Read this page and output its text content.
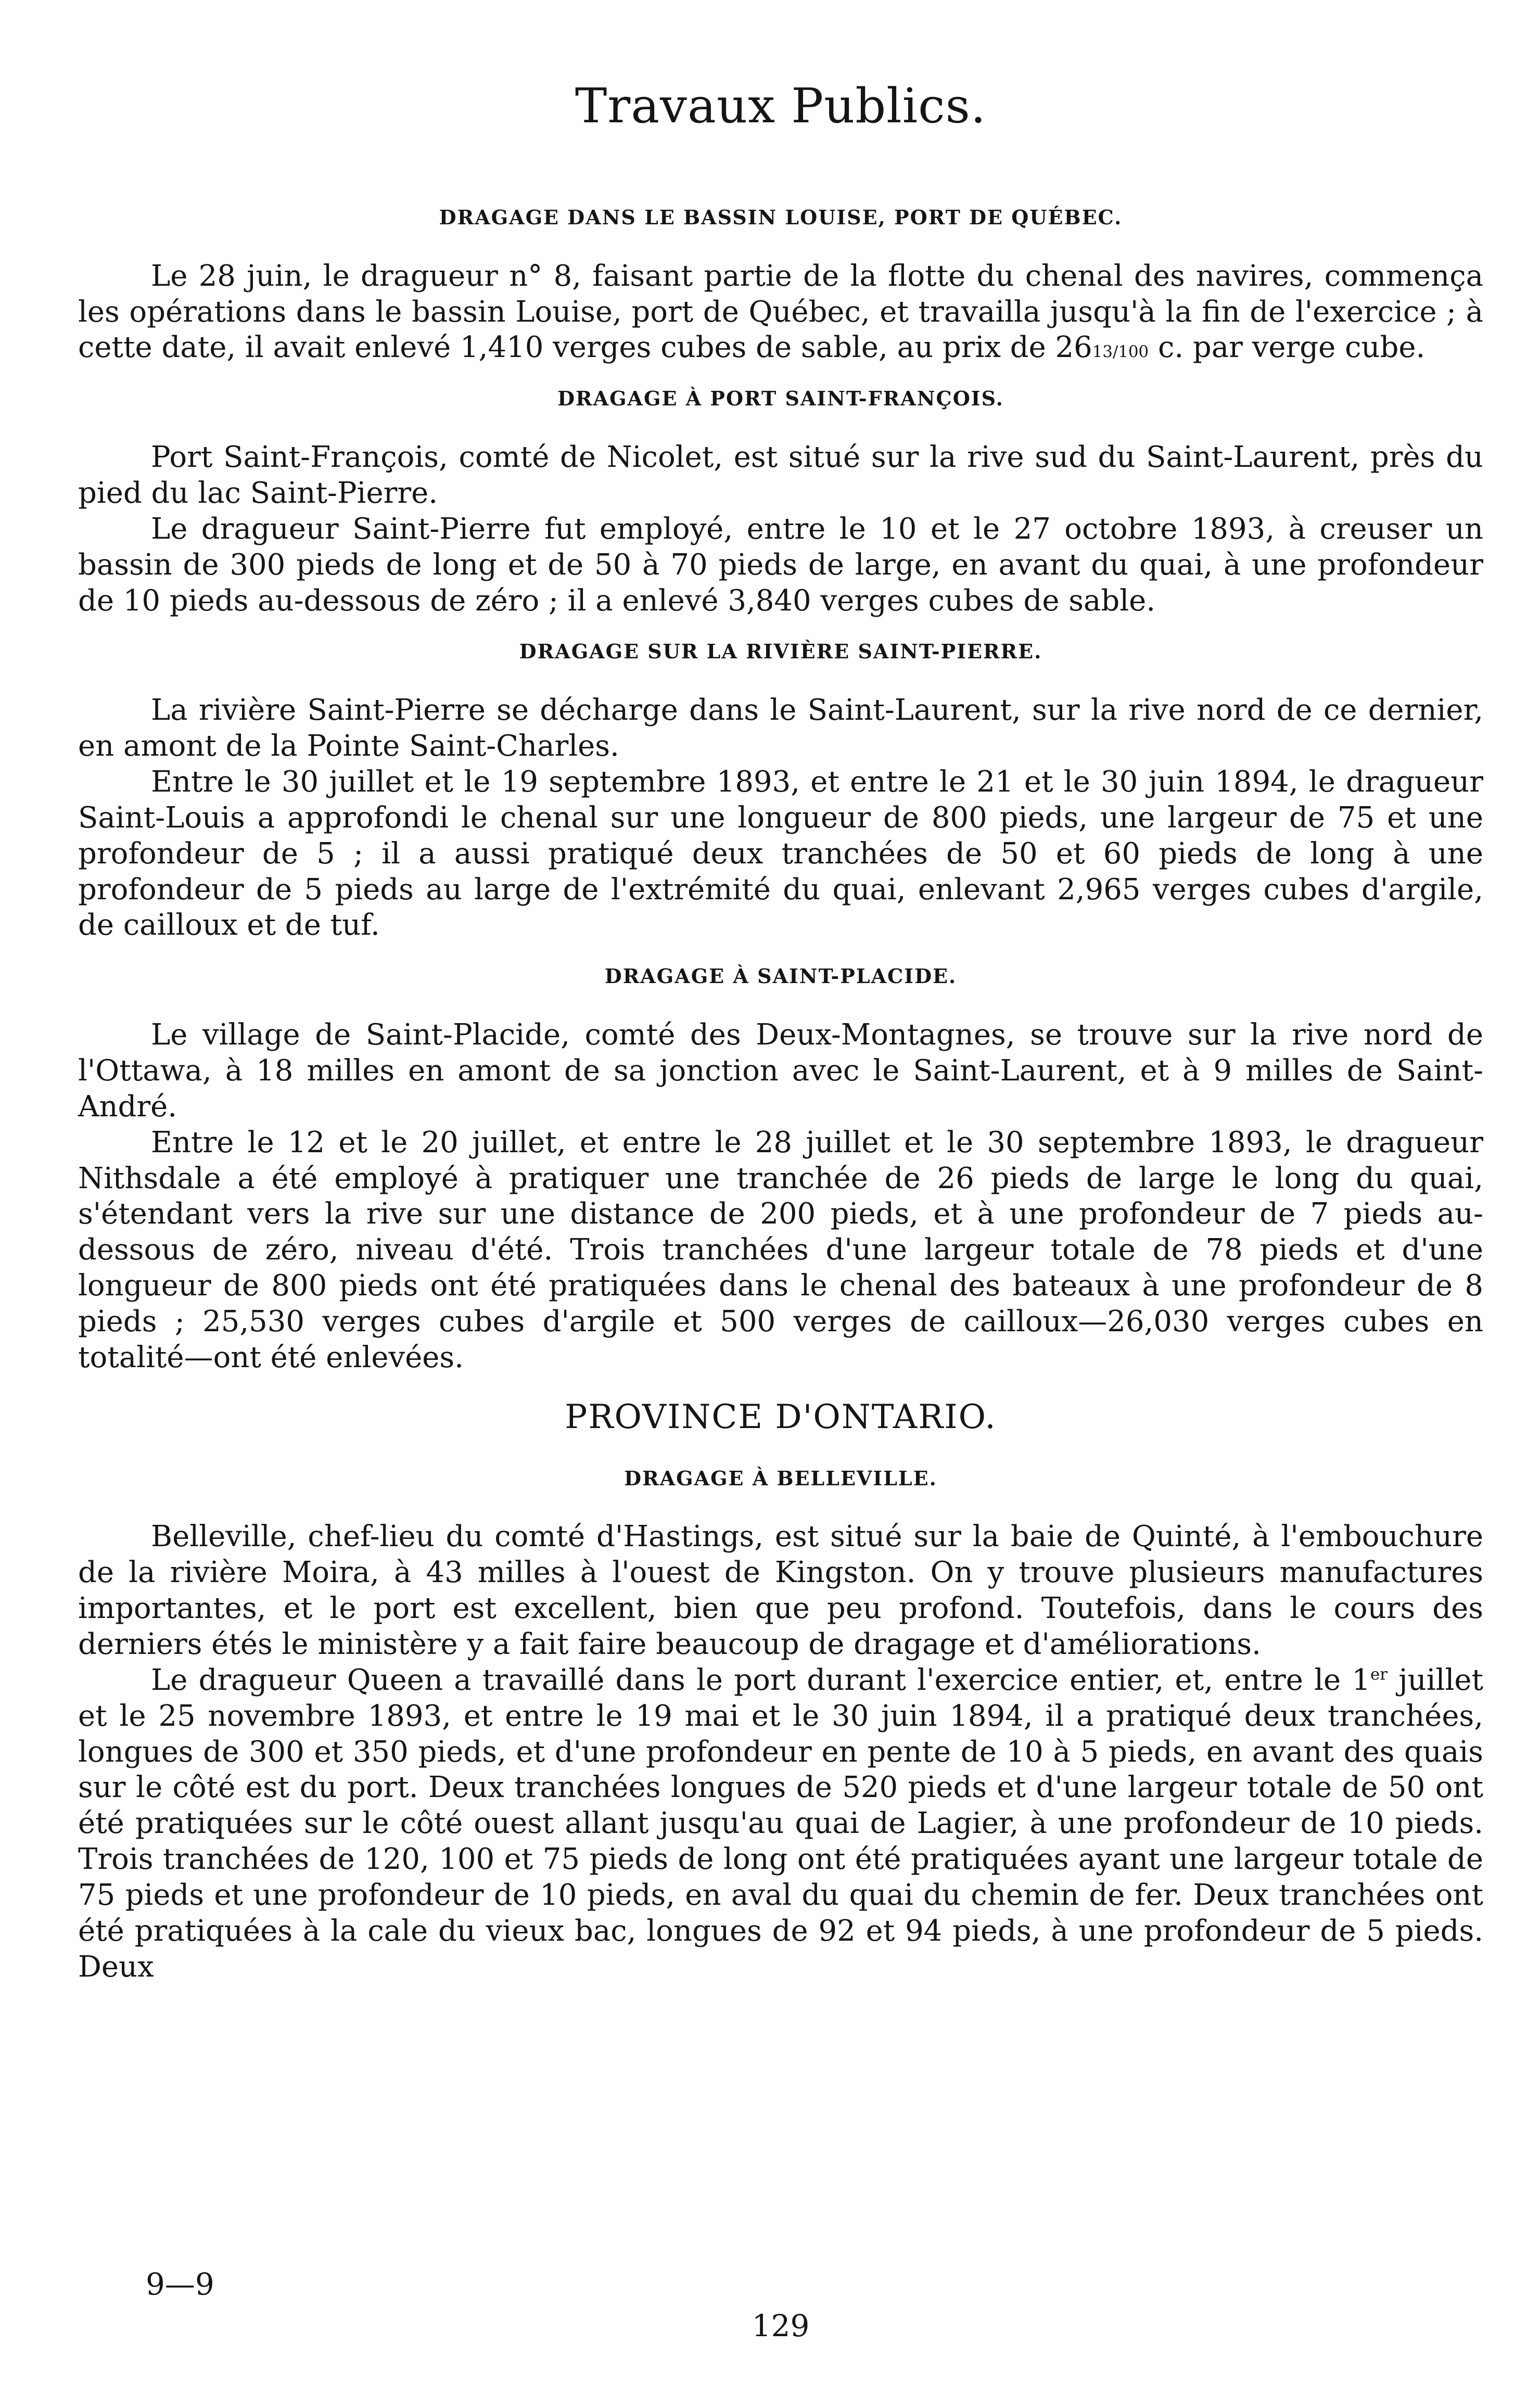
Travaux Publics.
DRAGAGE DANS LE BASSIN LOUISE, PORT DE QUÉBEC.

Le 28 juin, le dragueur n° 8, faisant partie de la flotte du chenal des navires, commença les opérations dans le bassin Louise, port de Québec, et travailla jusqu'à la fin de l'exercice ; à cette date, il avait enlevé 1,410 verges cubes de sable, au prix de 2613/100 c. par verge cube.

DRAGAGE À PORT SAINT-FRANÇOIS.

Port Saint-François, comté de Nicolet, est situé sur la rive sud du Saint-Laurent, près du pied du lac Saint-Pierre.

Le dragueur Saint-Pierre fut employé, entre le 10 et le 27 octobre 1893, à creuser un bassin de 300 pieds de long et de 50 à 70 pieds de large, en avant du quai, à une profondeur de 10 pieds au-dessous de zéro ; il a enlevé 3,840 verges cubes de sable.

DRAGAGE SUR LA RIVIÈRE SAINT-PIERRE.

La rivière Saint-Pierre se décharge dans le Saint-Laurent, sur la rive nord de ce dernier, en amont de la Pointe Saint-Charles.

Entre le 30 juillet et le 19 septembre 1893, et entre le 21 et le 30 juin 1894, le dragueur Saint-Louis a approfondi le chenal sur une longueur de 800 pieds, une largeur de 75 et une profondeur de 5 ; il a aussi pratiqué deux tranchées de 50 et 60 pieds de long à une profondeur de 5 pieds au large de l'extrémité du quai, enlevant 2,965 verges cubes d'argile, de cailloux et de tuf.

DRAGAGE À SAINT-PLACIDE.

Le village de Saint-Placide, comté des Deux-Montagnes, se trouve sur la rive nord de l'Ottawa, à 18 milles en amont de sa jonction avec le Saint-Laurent, et à 9 milles de Saint-André.

Entre le 12 et le 20 juillet, et entre le 28 juillet et le 30 septembre 1893, le dragueur Nithsdale a été employé à pratiquer une tranchée de 26 pieds de large le long du quai, s'étendant vers la rive sur une distance de 200 pieds, et à une profondeur de 7 pieds au-dessous de zéro, niveau d'été. Trois tranchées d'une largeur totale de 78 pieds et d'une longueur de 800 pieds ont été pratiquées dans le chenal des bateaux à une profondeur de 8 pieds ; 25,530 verges cubes d'argile et 500 verges de cailloux—26,030 verges cubes en totalité—ont été enlevées.

PROVINCE D'ONTARIO.
DRAGAGE À BELLEVILLE.

Belleville, chef-lieu du comté d'Hastings, est situé sur la baie de Quinté, à l'embouchure de la rivière Moira, à 43 milles à l'ouest de Kingston. On y trouve plusieurs manufactures importantes, et le port est excellent, bien que peu profond. Toutefois, dans le cours des derniers étés le ministère y a fait faire beaucoup de dragage et d'améliorations.

Le dragueur Queen a travaillé dans le port durant l'exercice entier, et, entre le 1er juillet et le 25 novembre 1893, et entre le 19 mai et le 30 juin 1894, il a pratiqué deux tranchées, longues de 300 et 350 pieds, et d'une profondeur en pente de 10 à 5 pieds, en avant des quais sur le côté est du port. Deux tranchées longues de 520 pieds et d'une largeur totale de 50 ont été pratiquées sur le côté ouest allant jusqu'au quai de Lagier, à une profondeur de 10 pieds. Trois tranchées de 120, 100 et 75 pieds de long ont été pratiquées ayant une largeur totale de 75 pieds et une profondeur de 10 pieds, en aval du quai du chemin de fer. Deux tranchées ont été pratiquées à la cale du vieux bac, longues de 92 et 94 pieds, à une profondeur de 5 pieds. Deux

9—9
129
